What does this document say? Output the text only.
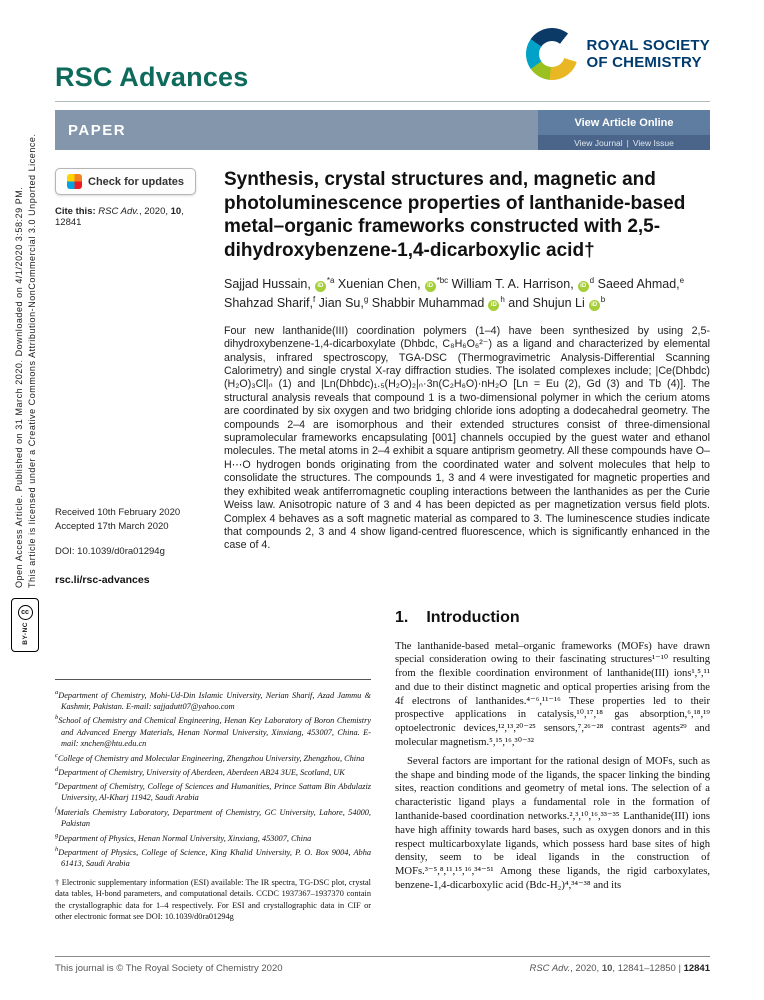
Open Access Article. Published on 31 March 2020. Downloaded on 4/1/2020 3:58:29 PM. This article is licensed under a Creative Commons Attribution-NonCommercial 3.0 Unported Licence.
cc
BY-NC
RSC Advances
ROYAL SOCIETY
OF CHEMISTRY
PAPER	View Article Online
View Journal | View Issue
Check for updates
Cite this: RSC Adv., 2020, 10, 12841
Received 10th February 2020
Accepted 17th March 2020
DOI: 10.1039/d0ra01294g
rsc.li/rsc-advances
Synthesis, crystal structures and, magnetic and photoluminescence properties of lanthanide-based metal–organic frameworks constructed with 2,5-dihydroxybenzene-1,4-dicarboxylic acid†
Sajjad Hussain, $iD^{*a}$ Xuenian Chen, $iD^{*bc}$ William T. A. Harrison, $iD^d$ Saeed Ahmad,$^e$ Shahzad Sharif,$^f$ Jian Su,$^g$ Shabbir Muhammad $iD^h$ and Shujun Li $iD^b$

Four new lanthanide(III) coordination polymers (1–4) have been synthesized by using 2,5-dihydroxybenzene-1,4-dicarboxylate (Dhbdc, C₈H₆O₆²⁻) as a ligand and characterized by elemental analysis, infrared spectroscopy, TGA-DSC (Thermogravimetric Analysis-Differential Scanning Calorimetry) and single crystal X-ray diffraction studies. The isolated complexes include; |Ce(Dhbdc)(H₂O)₃Cl|ₙ (1) and |Ln(Dhbdc)₁.₅(H₂O)₂|ₙ·3n(C₂H₆O)·nH₂O [Ln = Eu (2), Gd (3) and Tb (4)]. The structural analysis reveals that compound 1 is a two-dimensional polymer in which the cerium atoms are coordinated by six oxygen and two bridging chloride ions adopting a dodecahedral geometry. The compounds 2–4 are isomorphous and their extended structures consist of three-dimensional supramolecular frameworks encapsulating [001] channels occupied by the guest water and ethanol molecules. The metal atoms in 2–4 exhibit a square antiprism geometry. All these compounds have O–H⋯O hydrogen bonds originating from the coordinated water and solvent molecules that help to consolidate the structures. The compounds 1, 3 and 4 were investigated for magnetic properties and they exhibited weak antiferromagnetic coupling interactions between the lanthanides as per the Curie Weiss law. Anisotropic nature of 3 and 4 has been depicted as per magnetization versus field plots. Complex 4 behaves as a soft magnetic material as compared to 3. The luminescence studies indicate that compounds 2, 3 and 4 show ligand-centred fluorescence, which is significantly enhanced in the case of 4.

$^a$Department of Chemistry, Mohi-Ud-Din Islamic University, Nerian Sharif, Azad Jammu & Kashmir, Pakistan. E-mail: sajjadutt07@yahoo.com
$^b$School of Chemistry and Chemical Engineering, Henan Key Laboratory of Boron Chemistry and Advanced Energy Materials, Henan Normal University, Xinxiang, 453007, China. E-mail: xnchen@htu.edu.cn
$^c$College of Chemistry and Molecular Engineering, Zhengzhou University, Zhengzhou, China
$^d$Department of Chemistry, University of Aberdeen, Aberdeen AB24 3UE, Scotland, UK
$^e$Department of Chemistry, College of Sciences and Humanities, Prince Sattam Bin Abdulaziz University, Al-Kharj 11942, Saudi Arabia
$^f$Materials Chemistry Laboratory, Department of Chemistry, GC University, Lahore, 54000, Pakistan
$^g$Department of Physics, Henan Normal University, Xinxiang, 453007, China
$^h$Department of Physics, College of Science, King Khalid University, P. O. Box 9004, Abha 61413, Saudi Arabia

† Electronic supplementary information (ESI) available: The IR spectra, TG-DSC plot, crystal data tables, H-bond parameters, and computational details. CCDC 1937367–1937370 contain the crystallographic data for 1–4 respectively. For ESI and crystallographic data in CIF or other electronic format see DOI: 10.1039/d0ra01294g

1. Introduction

The lanthanide-based metal–organic frameworks (MOFs) have drawn special consideration owing to their fascinating structures¹⁻¹⁰ resulting from the flexible coordination environment of lanthanide(III) ions¹,⁵,¹¹ and due to their distinct magnetic and optical properties arising from the 4f electrons of lanthanides.⁴⁻⁶,¹¹⁻¹⁶ These properties led to their prospective applications in catalysis,¹⁰,¹⁷,¹⁸ gas absorption,⁶,¹⁸,¹⁹ optoelectronic devices,¹²,¹³,²⁰⁻²⁵ sensors,⁷,²⁶⁻²⁸ contrast agents²⁹ and molecular magnetism.⁵,¹⁵,¹⁶,³⁰⁻³²

Several factors are important for the rational design of MOFs, such as the shape and binding mode of the ligands, the spacer linking the binding sites, reaction conditions and geometry of metal ions. The selection of a characteristic ligand plays a fundamental role in the formation of lanthanide-based coordination networks.²,³,¹⁰,¹⁶,³³⁻³⁵ Lanthanide(III) ions have high affinity towards hard bases, such as oxygen donors and in this respect multicarboxylate ligands, which possess hard base sites of high density, seem to be ideal ligands in the construction of MOFs.³⁻⁵,⁸,¹¹,¹⁵,¹⁶,³⁴⁻⁵¹ Among these ligands, the rigid carboxylates, benzene-1,4-dicarboxylic acid (Bdc-H₂)⁴,³⁴⁻³⁸ and its

This journal is © The Royal Society of Chemistry 2020	RSC Adv., 2020, 10, 12841–12850 | 12841
